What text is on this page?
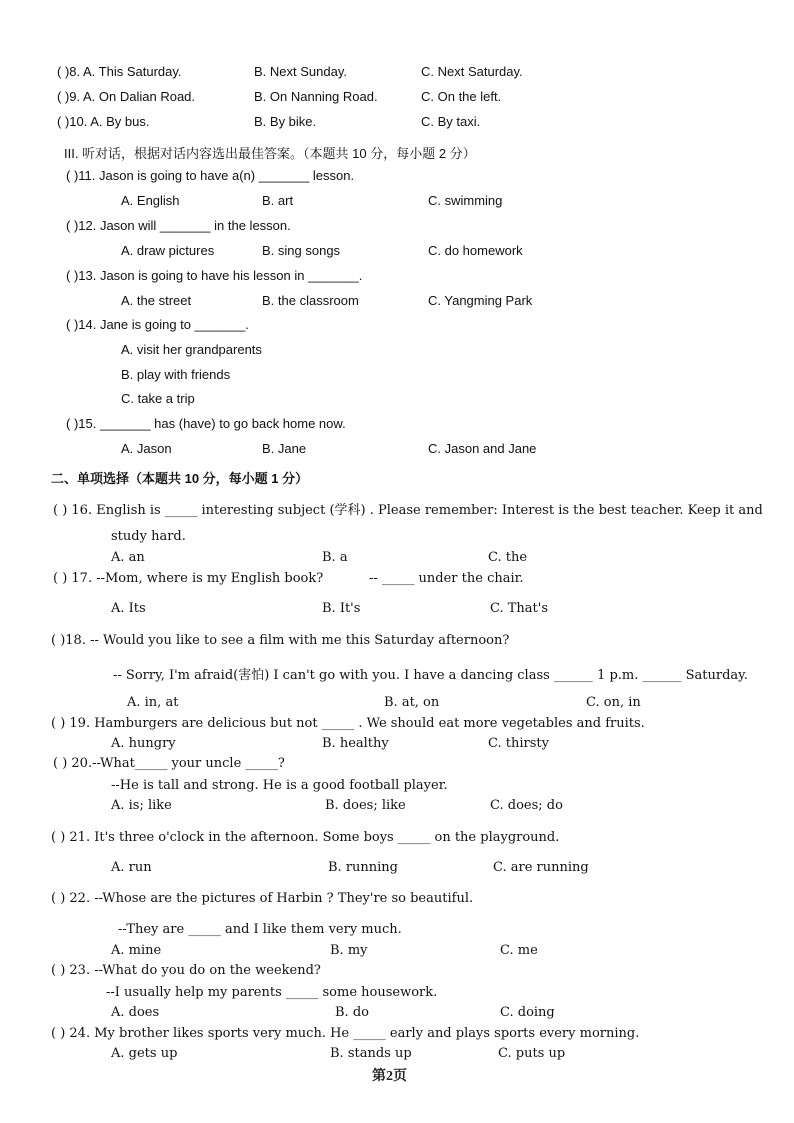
( )8. A. This Saturday.	B. Next Sunday.	C. Next Saturday.
( )9. A. On Dalian Road.	B. On Nanning Road.	C. On the left.
( )10. A. By bus.	B. By bike.	C. By taxi.
III. 听对话，根据对话内容选出最佳答案。（本题共 10 分，每小题 2 分）
( )11. Jason is going to have a(n) _______ lesson.
A. English	B. art	C. swimming
( )12. Jason will _______ in the lesson.
A. draw pictures	B. sing songs	C. do homework
( )13. Jason is going to have his lesson in _______.
A. the street	B. the classroom	C. Yangming Park
( )14. Jane is going to _______.
A. visit her grandparents
B. play with friends
C. take a trip
( )15. _______ has (have) to go back home now.
A. Jason	B. Jane	C. Jason and Jane
二、单项选择（本题共 10 分，每小题 1 分）
( ) 16. English is _____ interesting subject (学科) . Please remember: Interest is the best teacher. Keep it and
study hard.
A. an	B. a	C. the
( ) 17. --Mom, where is my English book?	-- _____ under the chair.
A. Its	B. It's	C. That's
( )18. -- Would you like to see a film with me this Saturday afternoon?
-- Sorry, I'm afraid(害怕) I can't go with you. I have a dancing class ______ 1 p.m. ______ Saturday.
A. in, at	B. at, on	C. on, in
( ) 19. Hamburgers are delicious but not _____ . We should eat more vegetables and fruits.
A. hungry	B. healthy	C. thirsty
( ) 20.--What_____ your uncle _____?
--He is tall and strong. He is a good football player.
A. is; like	B. does; like	C. does; do
( ) 21. It's three o'clock in the afternoon. Some boys _____ on the playground.
A. run	B. running	C. are running
( ) 22. --Whose are the pictures of Harbin ? They're so beautiful.
--They are _____ and I like them very much.
A. mine	B. my	C. me
( ) 23. --What do you do on the weekend?
--I usually help my parents _____ some housework.
A. does	B. do	C. doing
( ) 24. My brother likes sports very much. He _____ early and plays sports every morning.
A. gets up	B. stands up	C. puts up
第2页
